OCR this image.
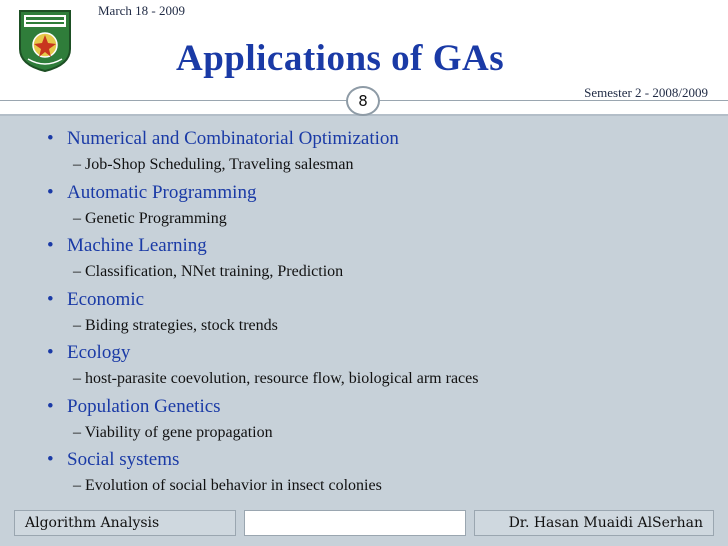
March 18 - 2009
Applications of GAs
Semester 2 - 2008/2009
8
• Numerical and Combinatorial Optimization
– Job-Shop Scheduling, Traveling salesman
• Automatic Programming
– Genetic Programming
• Machine Learning
– Classification, NNet training, Prediction
• Economic
– Biding strategies, stock trends
• Ecology
– host-parasite coevolution, resource flow, biological arm races
• Population Genetics
– Viability of gene propagation
• Social systems
– Evolution of social behavior in insect colonies
Algorithm Analysis	Dr. Hasan Muaidi AlSerhan
